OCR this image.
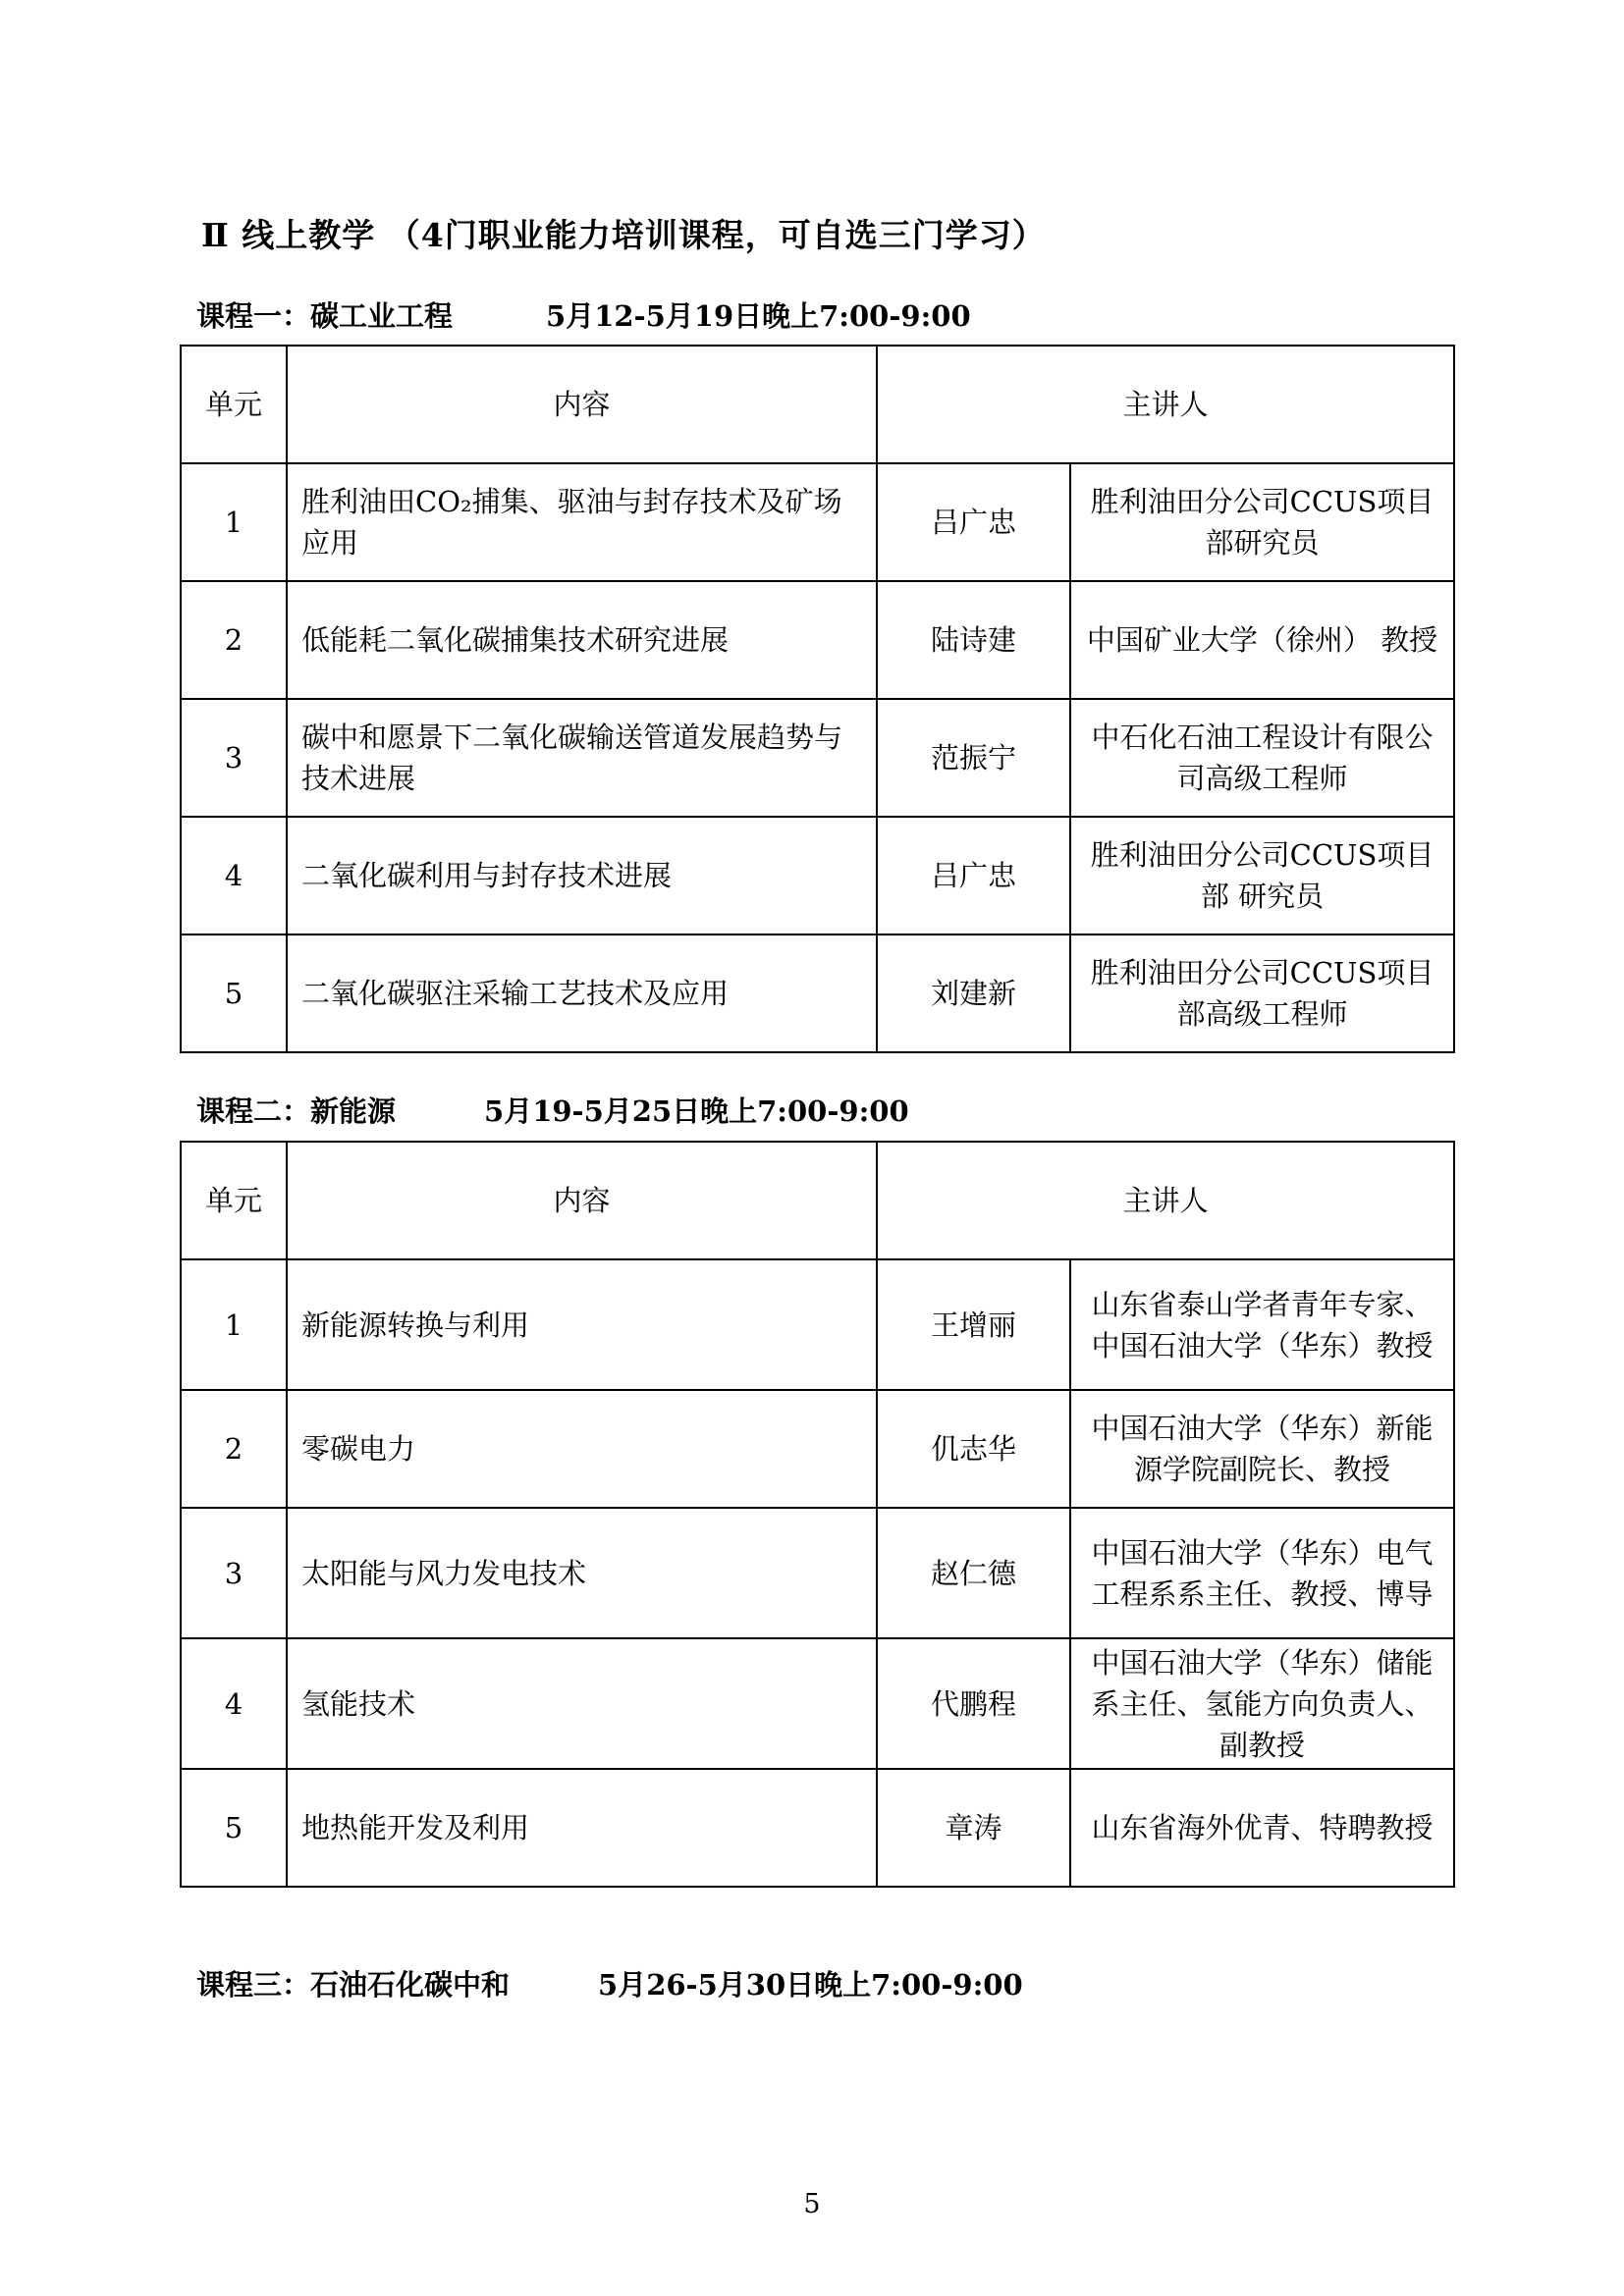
Ⅱ 线上教学 （4门职业能力培训课程，可自选三门学习）
课程一：碳工业工程	5月12-5月19日晚上7:00-9:00
单元	内容	主讲人	
1	胜利油田CO₂捕集、驱油与封存技术及矿场应用	吕广忠	胜利油田分公司CCUS项目部研究员
2	低能耗二氧化碳捕集技术研究进展	陆诗建	中国矿业大学（徐州） 教授
3	碳中和愿景下二氧化碳输送管道发展趋势与技术进展	范振宁	中石化石油工程设计有限公司高级工程师
4	二氧化碳利用与封存技术进展	吕广忠	胜利油田分公司CCUS项目部 研究员
5	二氧化碳驱注采输工艺技术及应用	刘建新	胜利油田分公司CCUS项目部高级工程师
课程二：新能源	5月19-5月25日晚上7:00-9:00
单元	内容	主讲人	
1	新能源转换与利用	王增丽	山东省泰山学者青年专家、中国石油大学（华东）教授
2	零碳电力	仉志华	中国石油大学（华东）新能源学院副院长、教授
3	太阳能与风力发电技术	赵仁德	中国石油大学（华东）电气工程系系主任、教授、博导
4	氢能技术	代鹏程	中国石油大学（华东）储能系主任、氢能方向负责人、副教授
5	地热能开发及利用	章涛	山东省海外优青、特聘教授
课程三：石油石化碳中和	5月26-5月30日晚上7:00-9:00
5
